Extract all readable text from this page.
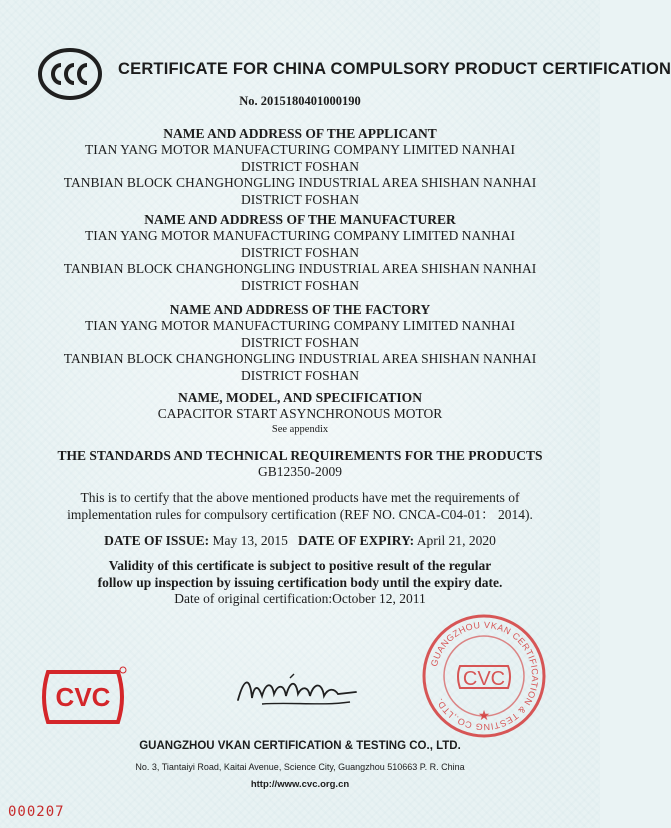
CERTIFICATE FOR CHINA COMPULSORY PRODUCT CERTIFICATION
No. 2015180401000190
NAME AND ADDRESS OF THE APPLICANT
TIAN YANG MOTOR MANUFACTURING COMPANY LIMITED NANHAI
DISTRICT FOSHAN
TANBIAN BLOCK CHANGHONGLING INDUSTRIAL AREA SHISHAN NANHAI
DISTRICT FOSHAN
NAME AND ADDRESS OF THE MANUFACTURER
TIAN YANG MOTOR MANUFACTURING COMPANY LIMITED NANHAI
DISTRICT FOSHAN
TANBIAN BLOCK CHANGHONGLING INDUSTRIAL AREA SHISHAN NANHAI
DISTRICT FOSHAN
NAME AND ADDRESS OF THE FACTORY
TIAN YANG MOTOR MANUFACTURING COMPANY LIMITED NANHAI
DISTRICT FOSHAN
TANBIAN BLOCK CHANGHONGLING INDUSTRIAL AREA SHISHAN NANHAI
DISTRICT FOSHAN
NAME, MODEL, AND SPECIFICATION
CAPACITOR START ASYNCHRONOUS MOTOR
See appendix
THE STANDARDS AND TECHNICAL REQUIREMENTS FOR THE PRODUCTS
GB12350-2009
This is to certify that the above mentioned products have met the requirements of
implementation rules for compulsory certification (REF NO. CNCA-C04-01： 2014).
DATE OF ISSUE: May 13, 2015 DATE OF EXPIRY: April 21, 2020
Validity of this certificate is subject to positive result of the regular
follow up inspection by issuing certification body until the expiry date.
Date of original certification:October 12, 2011
CVC
GUANGZHOU VKAN CERTIFICATION & TESTING CO.,LTD.
CVC
★
GUANGZHOU VKAN CERTIFICATION & TESTING CO., LTD.
No. 3, Tiantaiyi Road, Kaitai Avenue, Science City, Guangzhou 510663 P. R. China
http://www.cvc.org.cn
000207
